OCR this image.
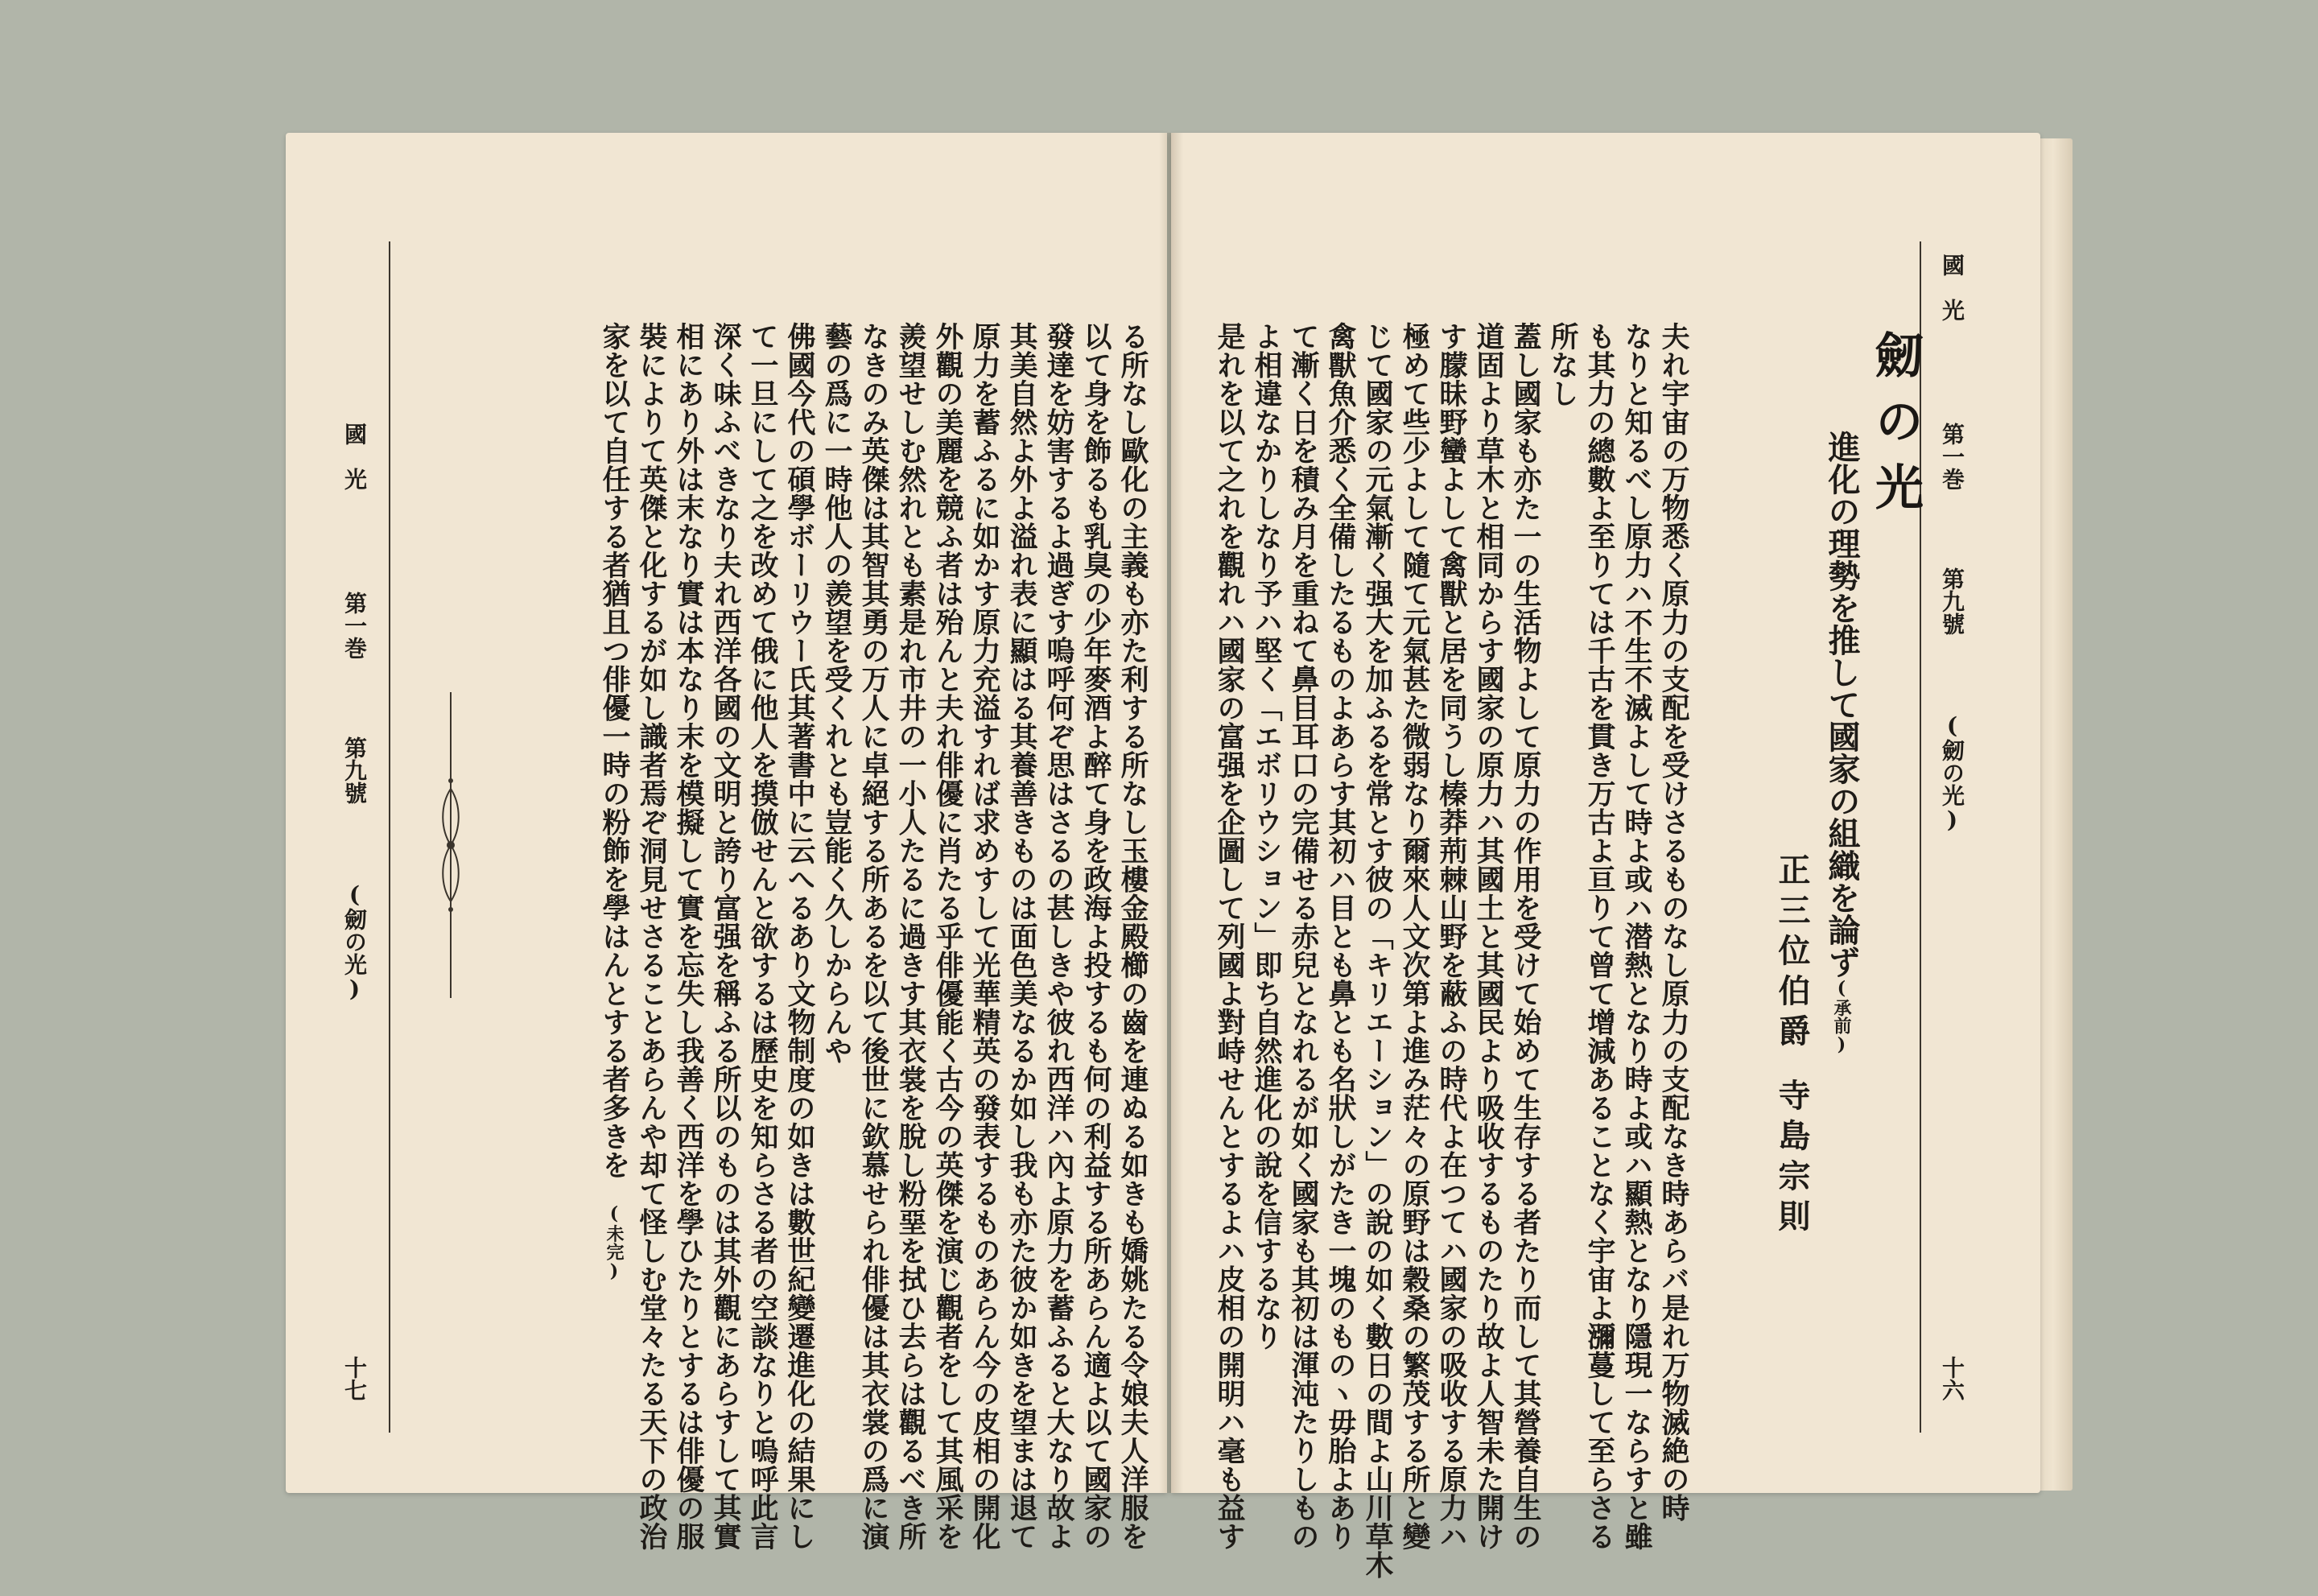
國　光  第一巻  第九號  (劒の光)
十六
劒の光
進化の理勢を推して國家の組織を論ず(承前)
正三位伯爵寺島宗則
夫れ宇宙の万物悉く原力の支配を受けさるものなし原力の支配なき時あらバ是れ万物滅絶の時
なりと知るべし原力ハ不生不滅よして時よ或ハ潜熱となり時よ或ハ顯熱となり隱現一ならすと雖
も其力の總數よ至りては千古を貫き万古よ亘りて曾て增減あることなく宇宙よ瀰蔓して至らさる
所なし
蓋し國家も亦た一の生活物よして原力の作用を受けて始めて生存する者たり而して其營養自生の
道固より草木と相同からす國家の原力ハ其國土と其國民より吸收するものたり故よ人智未た開け
す朦昧野蠻よして禽獸と居を同うし榛莽荊棘山野を蔽ふの時代よ在つてハ國家の吸收する原力ハ
極めて些少よして隨て元氣甚た微弱なり爾來人文次第よ進み茫々の原野は穀桑の繁茂する所と變
じて國家の元氣漸く强大を加ふるを常とす彼の「キリエーション」の說の如く數日の間よ山川草木
禽獸魚介悉く全備したるものよあらす其初ハ目とも鼻とも名狀しがたき一塊のものヽ毋胎よあり
て漸く日を積み月を重ねて鼻目耳口の完備せる赤兒となれるが如く國家も其初は渾沌たりしもの
よ相違なかりしなり予ハ堅く「エボリウション」即ち自然進化の說を信するなり
是れを以て之れを觀れハ國家の富强を企圖して列國よ對峙せんとするよハ皮相の開明ハ毫も益す
る所なし歐化の主義も亦た利する所なし玉樓金殿櫛の齒を連ぬる如きも嬌姚たる令娘夫人洋服を
以て身を飾るも乳臭の少年麥酒よ醉て身を政海よ投するも何の利益する所あらん適よ以て國家の
發達を妨害するよ過ぎす嗚呼何ぞ思はさるの甚しきや彼れ西洋ハ內よ原力を蓄ふると大なり故よ
其美自然よ外よ溢れ表に顯はる其養善きものは面色美なるか如し我も亦た彼か如きを望まは退て
原力を蓄ふるに如かす原力充溢すれば求めすして光華精英の發表するものあらん今の皮相の開化
外觀の美麗を競ふ者は殆んと夫れ俳優に肖たる乎俳優能く古今の英傑を演じ觀者をして其風采を
羨望せしむ然れとも素是れ市井の一小人たるに過きす其衣裳を脫し粉堊を拭ひ去らは觀るべき所
なきのみ英傑は其智其勇の万人に卓絕する所あるを以て後世に欽慕せられ俳優は其衣裳の爲に演
藝の爲に一時他人の羨望を受くれとも豈能く久しからんや
佛國今代の碩學ボーリウー氏其著書中に云へるあり文物制度の如きは數世紀變遷進化の結果にし
て一旦にして之を改めて俄に他人を摸倣せんと欲するは歷史を知らさる者の空談なりと嗚呼此言
深く味ふべきなり夫れ西洋各國の文明と誇り富强を稱ふる所以のものは其外觀にあらすして其實
相にあり外は末なり實は本なり末を模擬して實を忘失し我善く西洋を學ひたりとするは俳優の服
裝によりて英傑と化するが如し識者焉ぞ洞見せさることあらんや却て怪しむ堂々たる天下の政治
家を以て自任する者猶且つ俳優一時の粉飾を學はんとする者多きを(未完)
國　光  第一巻  第九號  (劒の光)
十七
